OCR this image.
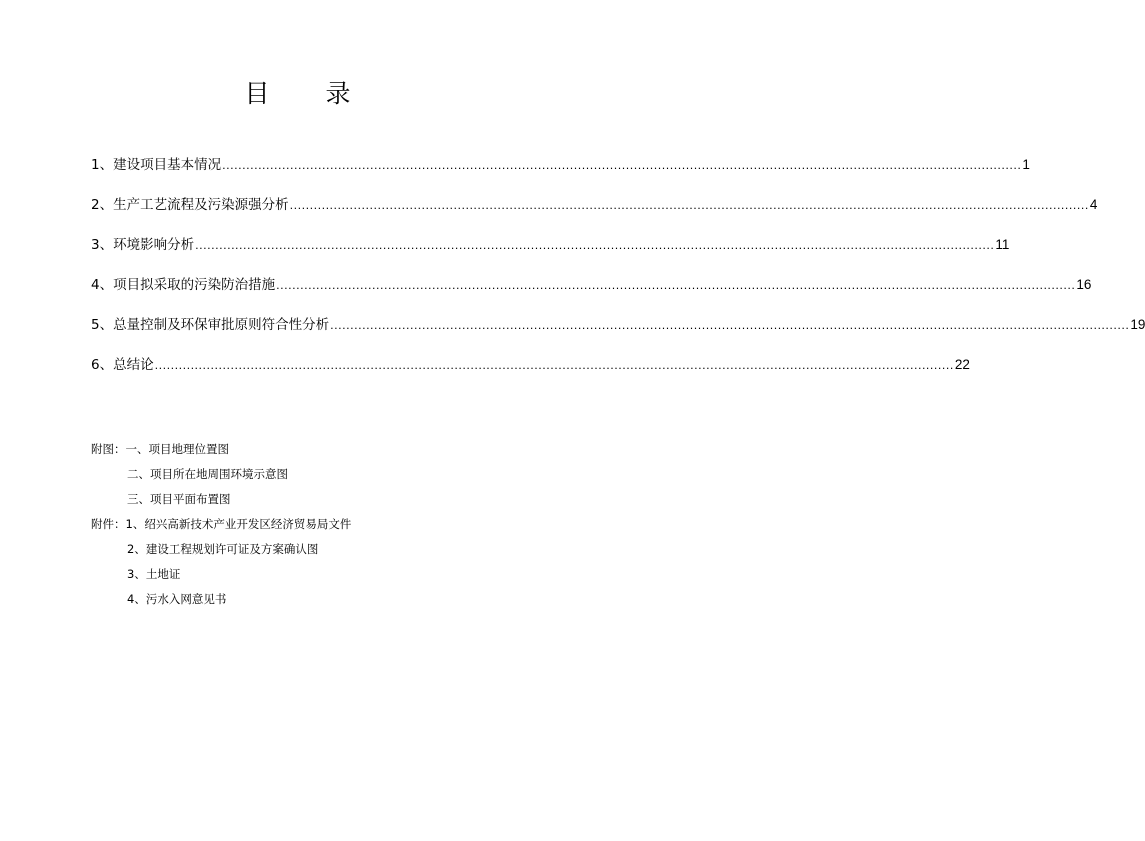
目 录
1、建设项目基本情况 ........................................................................................................................................................................................................ 1
2、生产工艺流程及污染源强分析 ........................................................................................................................................................................................................ 4
3、环境影响分析 ........................................................................................................................................................................................................ 11
4、项目拟采取的污染防治措施 ........................................................................................................................................................................................................ 16
5、总量控制及环保审批原则符合性分析 ........................................................................................................................................................................................................ 19
6、总结论 ........................................................................................................................................................................................................ 22
附图：一、项目地理位置图
二、项目所在地周围环境示意图
三、项目平面布置图
附件：1、绍兴高新技术产业开发区经济贸易局文件
2、建设工程规划许可证及方案确认图
3、土地证
4、污水入网意见书
